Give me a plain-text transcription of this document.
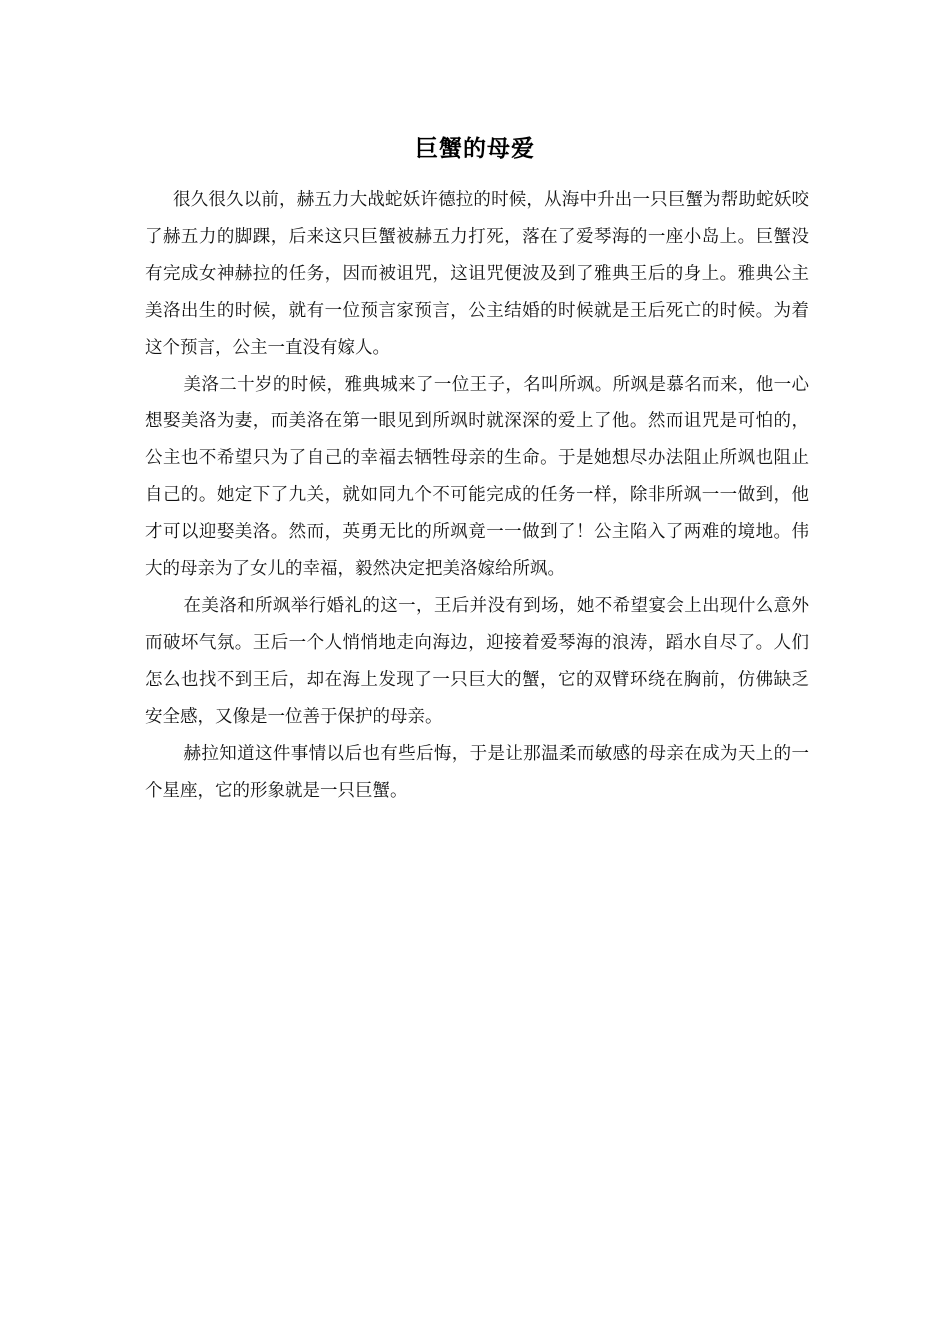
巨蟹的母爱

很久很久以前，赫五力大战蛇妖许德拉的时候，从海中升出一只巨蟹为帮助蛇妖咬了赫五力的脚踝，后来这只巨蟹被赫五力打死，落在了爱琴海的一座小岛上。巨蟹没有完成女神赫拉的任务，因而被诅咒，这诅咒便波及到了雅典王后的身上。雅典公主美洛出生的时候，就有一位预言家预言，公主结婚的时候就是王后死亡的时候。为着这个预言，公主一直没有嫁人。

美洛二十岁的时候，雅典城来了一位王子，名叫所飒。所飒是慕名而来，他一心想娶美洛为妻，而美洛在第一眼见到所飒时就深深的爱上了他。然而诅咒是可怕的，公主也不希望只为了自己的幸福去牺牲母亲的生命。于是她想尽办法阻止所飒也阻止自己的。她定下了九关，就如同九个不可能完成的任务一样，除非所飒一一做到，他才可以迎娶美洛。然而，英勇无比的所飒竟一一做到了！公主陷入了两难的境地。伟大的母亲为了女儿的幸福，毅然决定把美洛嫁给所飒。

在美洛和所飒举行婚礼的这一，王后并没有到场，她不希望宴会上出现什么意外而破坏气氛。王后一个人悄悄地走向海边，迎接着爱琴海的浪涛，蹈水自尽了。人们怎么也找不到王后，却在海上发现了一只巨大的蟹，它的双臂环绕在胸前，仿佛缺乏安全感，又像是一位善于保护的母亲。

赫拉知道这件事情以后也有些后悔，于是让那温柔而敏感的母亲在成为天上的一个星座，它的形象就是一只巨蟹。
